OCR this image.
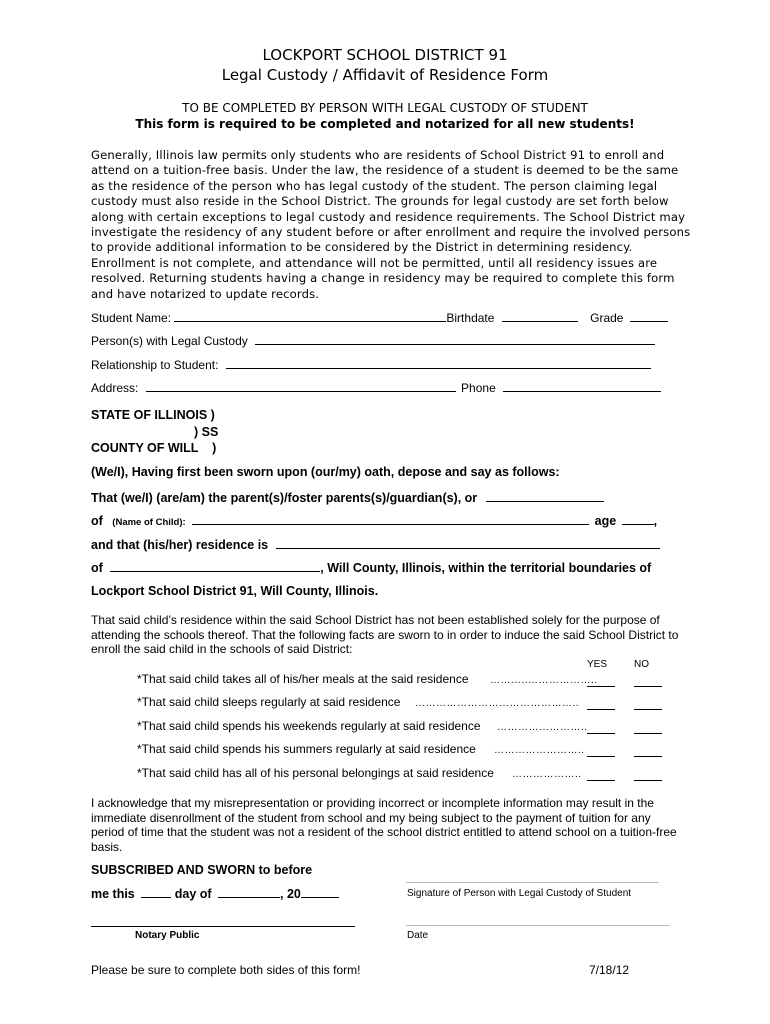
LOCKPORT SCHOOL DISTRICT 91
Legal Custody / Affidavit of Residence Form
TO BE COMPLETED BY PERSON WITH LEGAL CUSTODY OF STUDENT
This form is required to be completed and notarized for all new students!
Generally, Illinois law permits only students who are residents of School District 91 to enroll and attend on a tuition-free basis. Under the law, the residence of a student is deemed to be the same as the residence of the person who has legal custody of the student. The person claiming legal custody must also reside in the School District. The grounds for legal custody are set forth below along with certain exceptions to legal custody and residence requirements. The School District may investigate the residency of any student before or after enrollment and require the involved persons to provide additional information to be considered by the District in determining residency. Enrollment is not complete, and attendance will not be permitted, until all residency issues are resolved. Returning students having a change in residency may be required to complete this form and have notarized to update records.
Student Name:	Birthdate	Grade
Person(s) with Legal Custody
Relationship to Student:
Address:	Phone
STATE OF ILLINOIS )
) SS
COUNTY OF WILL    )
(We/I), Having first been sworn upon (our/my) oath, depose and say as follows:
That (we/I) (are/am) the parent(s)/foster parents(s)/guardian(s), or
of (Name of Child):	age	,
and that (his/her) residence is
of	, Will County, Illinois, within the territorial boundaries of
Lockport School District 91, Will County, Illinois.
That said child’s residence within the said School District has not been established solely for the purpose of attending the schools thereof. That the following facts are sworn to in order to induce the said School District to enroll the said child in the schools of said District:
YES	NO
*That said child takes all of his/her meals at the said residence ………..………………..
*That said child sleeps regularly at said residence ………………………………………..
*That said child spends his weekends regularly at said residence ……………………..
*That said child spends his summers regularly at said residence ……………………..
*That said child has all of his personal belongings at said residence ………………..
I acknowledge that my misrepresentation or providing incorrect or incomplete information may result in the immediate disenrollment of the student from school and my being subject to the payment of tuition for any period of time that the student was not a resident of the school district entitled to attend school on a tuition-free basis.
SUBSCRIBED AND SWORN to before
me this	day of	, 20	Signature of Person with Legal Custody of Student
Notary Public	Date
Please be sure to complete both sides of this form!	7/18/12
